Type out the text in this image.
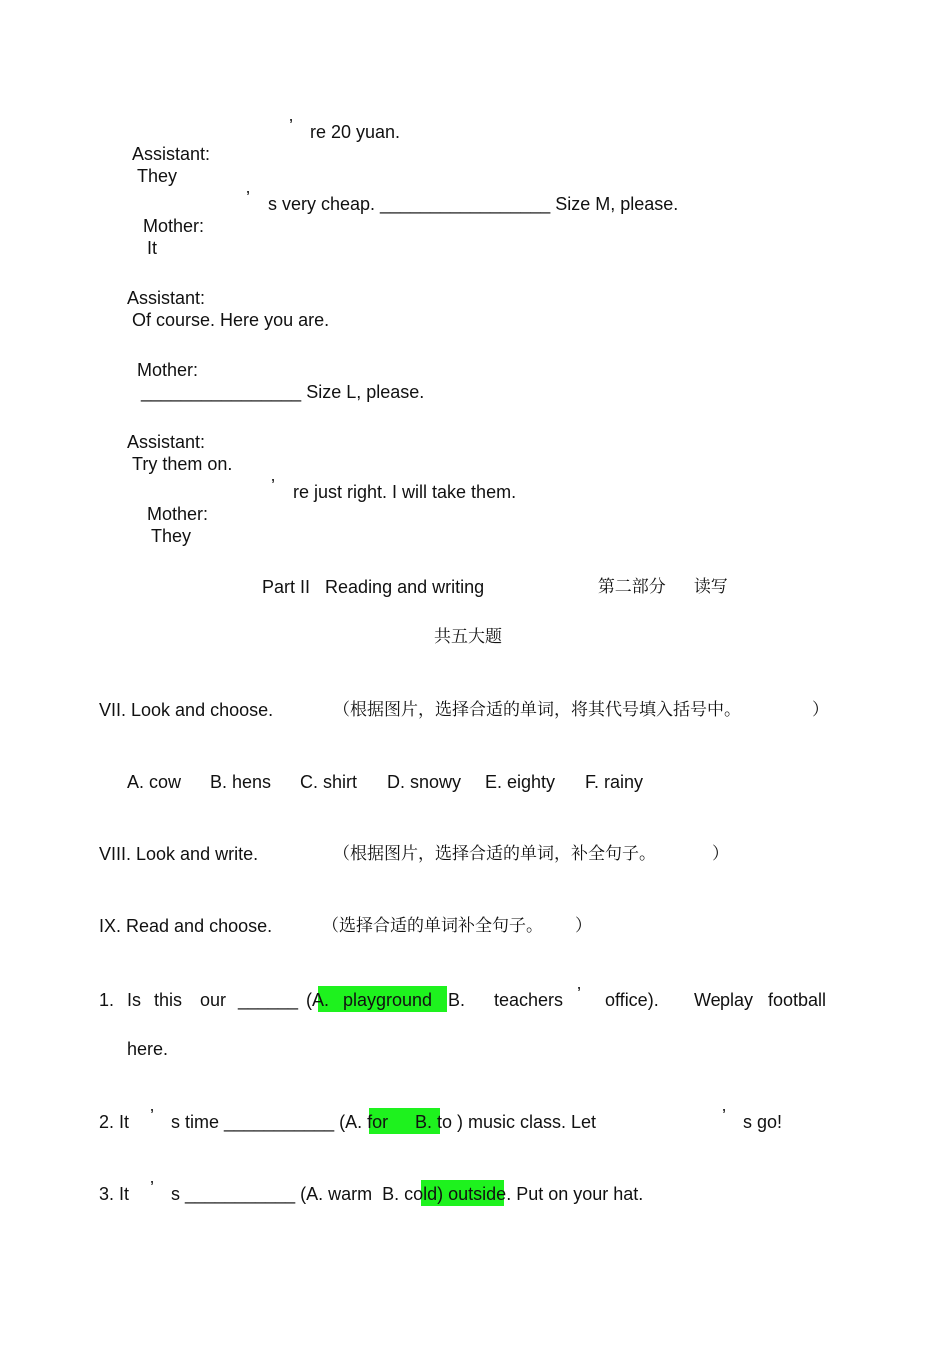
Assistant:
They

’ re 20 yuan.

Mother:
It

’ s very cheap. _________________ Size M, please.

Assistant:
Of course. Here you are.

Mother:
________________ Size L, please.

Assistant:
Try them on.

Mother:
They

’ re just right. I will take them.

Part II Reading and writing	第二部分 读写

共五大题
VII. Look and choose.	（根据图片，选择合适的单词，将其代号填入括号中。	）
A. cow B. hens C. shirt D. snowy E. eighty F. rainy
VIII. Look and write.	（根据图片，选择合适的单词，补全句子。	）
IX. Read and choose.	（选择合适的单词补全句子。 ）
1. Is this our ______ (A. playground B. teachers ’ office). We play football
here.
2. It ’ s time ___________ (A. for B. to ) music class. Let	’ s go!
3. It ’ s ___________ (A. warm  B. cold) outside. Put on your hat.
